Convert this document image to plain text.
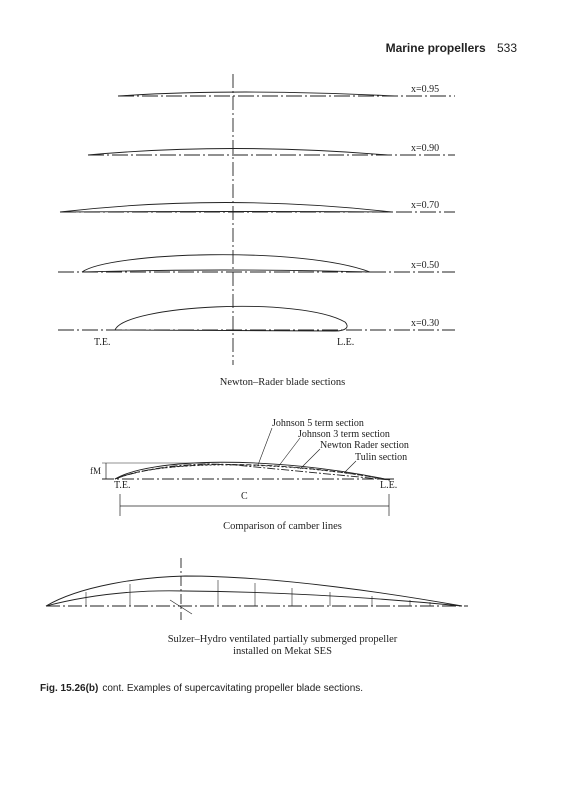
Marine propellers 533
x=0.95
x=0.90
x=0.70
x=0.50
x=0.30
T.E.	L.E.
Newton–Rader blade sections
Johnson 5 term section
Johnson 3 term section
Newton Rader section
Tulin section
fM
T.E.	L.E.
C
Comparison of camber lines
Sulzer–Hydro ventilated partially submerged propeller
installed on Mekat SES
Fig. 15.26(b) cont. Examples of supercavitating propeller blade sections.
